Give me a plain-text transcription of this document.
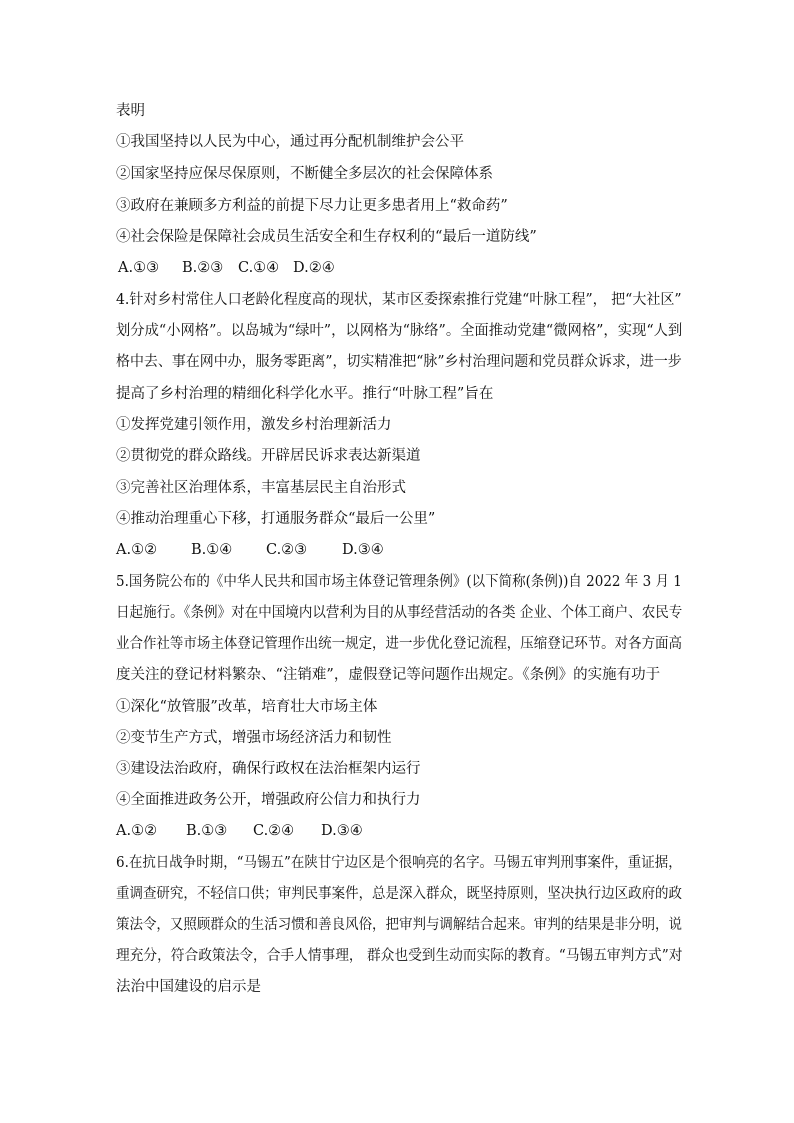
表明
①我国坚持以人民为中心，通过再分配机制维护会公平
②国家坚持应保尽保原则，不断健全多层次的社会保障体系
③政府在兼顾多方利益的前提下尽力让更多患者用上“救命药”
④社会保险是保障社会成员生活安全和生存权利的“最后一道防线”
A.①③ B.②③ C.①④ D.②④
4.针对乡村常住人口老龄化程度高的现状，某市区委探索推行党建“叶脉工程”， 把“大社区”
划分成“小网格”。以岛城为“绿叶”，以网格为“脉络”。全面推动党建“微网格”，实现“人到
格中去、事在网中办，服务零距离”，切实精准把“脉”乡村治理问题和党员群众诉求，进一步
提高了乡村治理的精细化科学化水平。推行“叶脉工程”旨在
①发挥党建引领作用，激发乡村治理新活力
②贯彻党的群众路线。开辟居民诉求表达新渠道
③完善社区治理体系，丰富基层民主自治形式
④推动治理重心下移，打通服务群众“最后一公里”
A.①② B.①④ C.②③ D.③④
5.国务院公布的《中华人民共和国市场主体登记管理条例》(以下简称(条例))自 2022 年 3 月 1
日起施行。《条例》对在中国境内以营利为目的从事经营活动的各类 企业、个体工商户、农民专
业合作社等市场主体登记管理作出统一规定，进一步优化登记流程，压缩登记环节。对各方面高
度关注的登记材料繁杂、“注销难”，虚假登记等问题作出规定。《条例》的实施有功于
①深化“放管服”改革，培育壮大市场主体
②变节生产方式，增强市场经济活力和韧性
③建设法治政府，确保行政权在法治框架内运行
④全面推进政务公开，增强政府公信力和执行力
A.①② B.①③ C.②④ D.③④
6.在抗日战争时期，“马锡五”在陕甘宁边区是个很响亮的名字。马锡五审判刑事案件，重证据，
重调查研究，不轻信口供；审判民事案件，总是深入群众，既坚持原则，坚决执行边区政府的政
策法令，又照顾群众的生活习惯和善良风俗，把审判与调解结合起来。审判的结果是非分明，说
理充分，符合政策法令，合手人情事理， 群众也受到生动而实际的教育。“马锡五审判方式”对
法治中国建设的启示是
